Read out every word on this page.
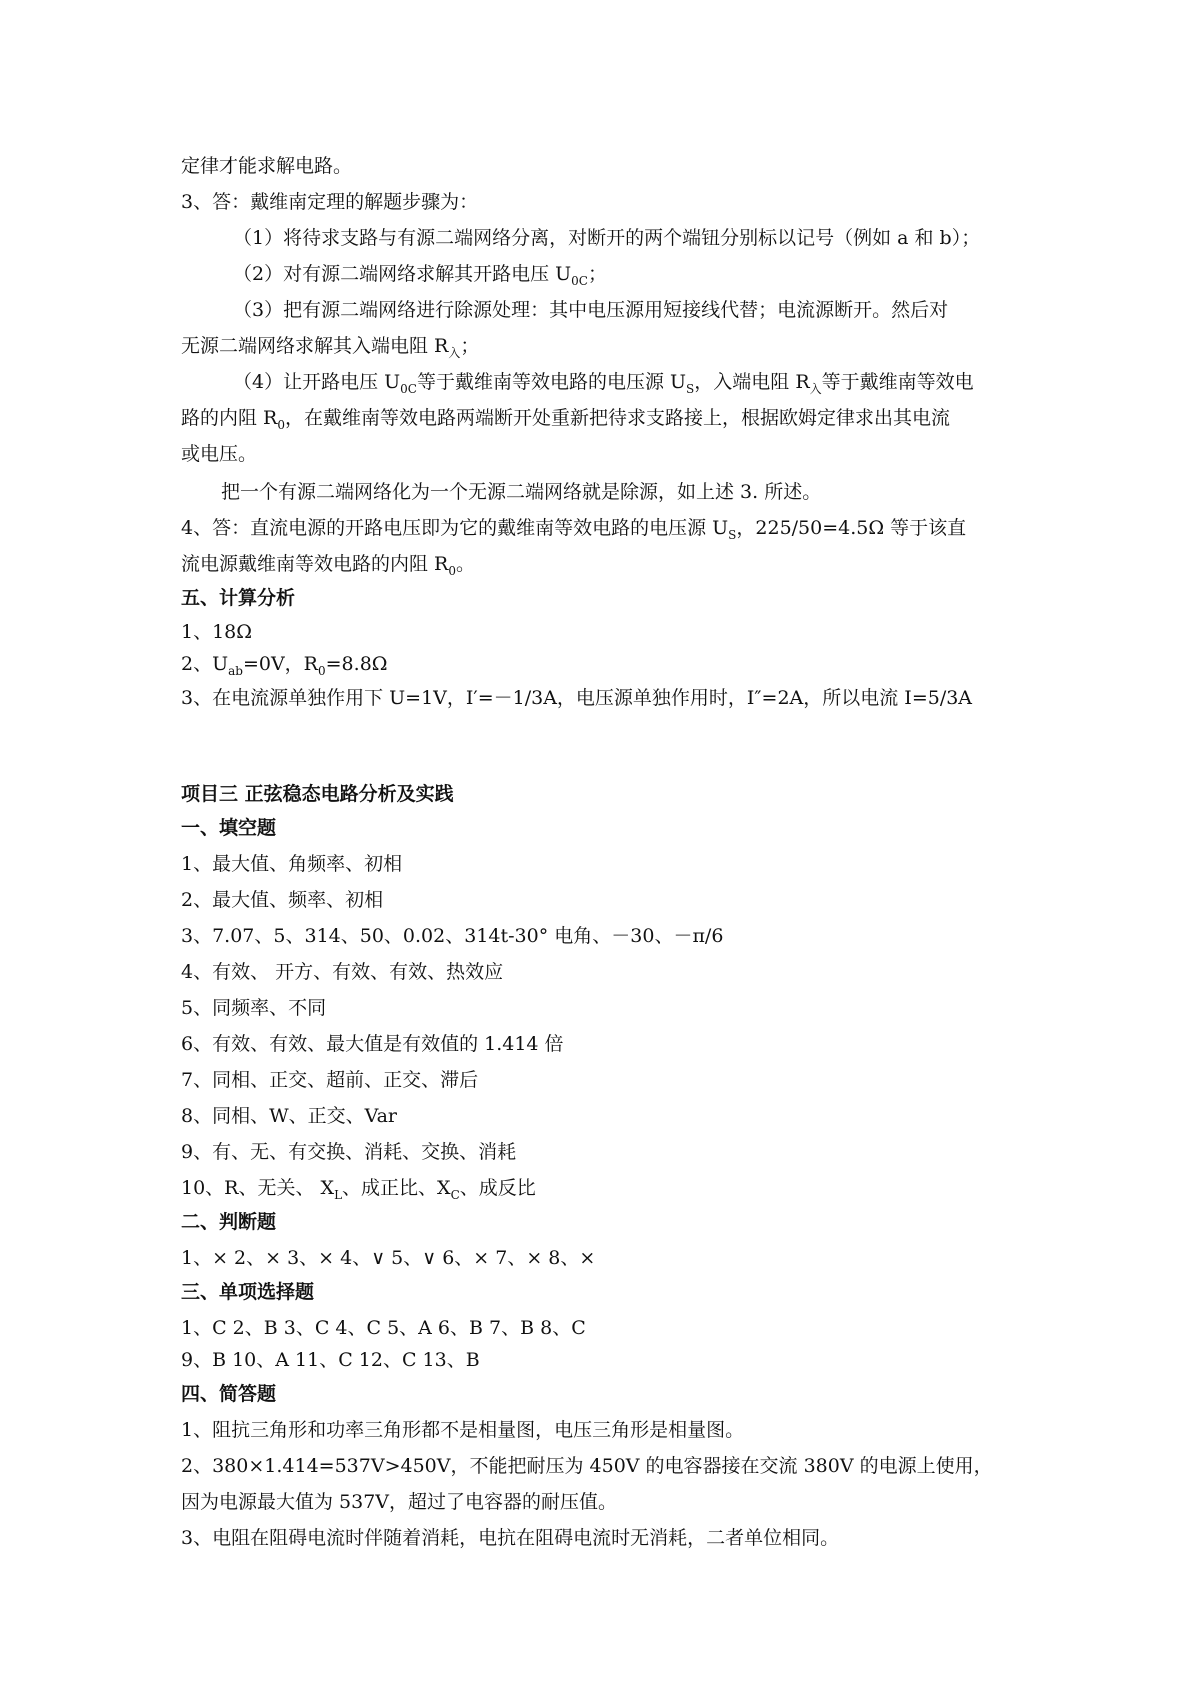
定律才能求解电路。
3、答：戴维南定理的解题步骤为：
（1）将待求支路与有源二端网络分离，对断开的两个端钮分别标以记号（例如 a 和 b）；
（2）对有源二端网络求解其开路电压 $U_{0C}$；
（3）把有源二端网络进行除源处理：其中电压源用短接线代替；电流源断开。然后对
无源二端网络求解其入端电阻 $R_入$；
（4）让开路电压 $U_{0C}$等于戴维南等效电路的电压源 $U_S$，入端电阻 $R_入$等于戴维南等效电
路的内阻 $R_0$，在戴维南等效电路两端断开处重新把待求支路接上，根据欧姆定律求出其电流
或电压。
把一个有源二端网络化为一个无源二端网络就是除源，如上述 3. 所述。
4、答：直流电源的开路电压即为它的戴维南等效电路的电压源 $U_S$，225/50=4.5Ω 等于该直
流电源戴维南等效电路的内阻 $R_0$。
五、计算分析
1、18Ω
2、$U_{ab}=0V$，$R_0=8.8\Omega$
3、在电流源单独作用下 U=1V，I′=－1/3A，电压源单独作用时，I″=2A，所以电流 I=5/3A
项目三 正弦稳态电路分析及实践
一、填空题
1、最大值、角频率、初相
2、最大值、频率、初相
3、7.07、5、314、50、0.02、314t-30° 电角、－30、－π/6
4、有效、 开方、有效、有效、热效应
5、同频率、不同
6、有效、有效、最大值是有效值的 1.414 倍
7、同相、正交、超前、正交、滞后
8、同相、W、正交、Var
9、有、无、有交换、消耗、交换、消耗
10、R、无关、 $X_L$、成正比、$X_C$、成反比
二、判断题
1、× 2、× 3、× 4、∨ 5、∨ 6、× 7、× 8、×
三、单项选择题
1、C 2、B 3、C 4、C 5、A 6、B 7、B 8、C
9、B 10、A 11、C 12、C 13、B
四、简答题
1、阻抗三角形和功率三角形都不是相量图，电压三角形是相量图。
2、380×1.414=537V>450V，不能把耐压为 450V 的电容器接在交流 380V 的电源上使用，
因为电源最大值为 537V，超过了电容器的耐压值。
3、电阻在阻碍电流时伴随着消耗，电抗在阻碍电流时无消耗，二者单位相同。
